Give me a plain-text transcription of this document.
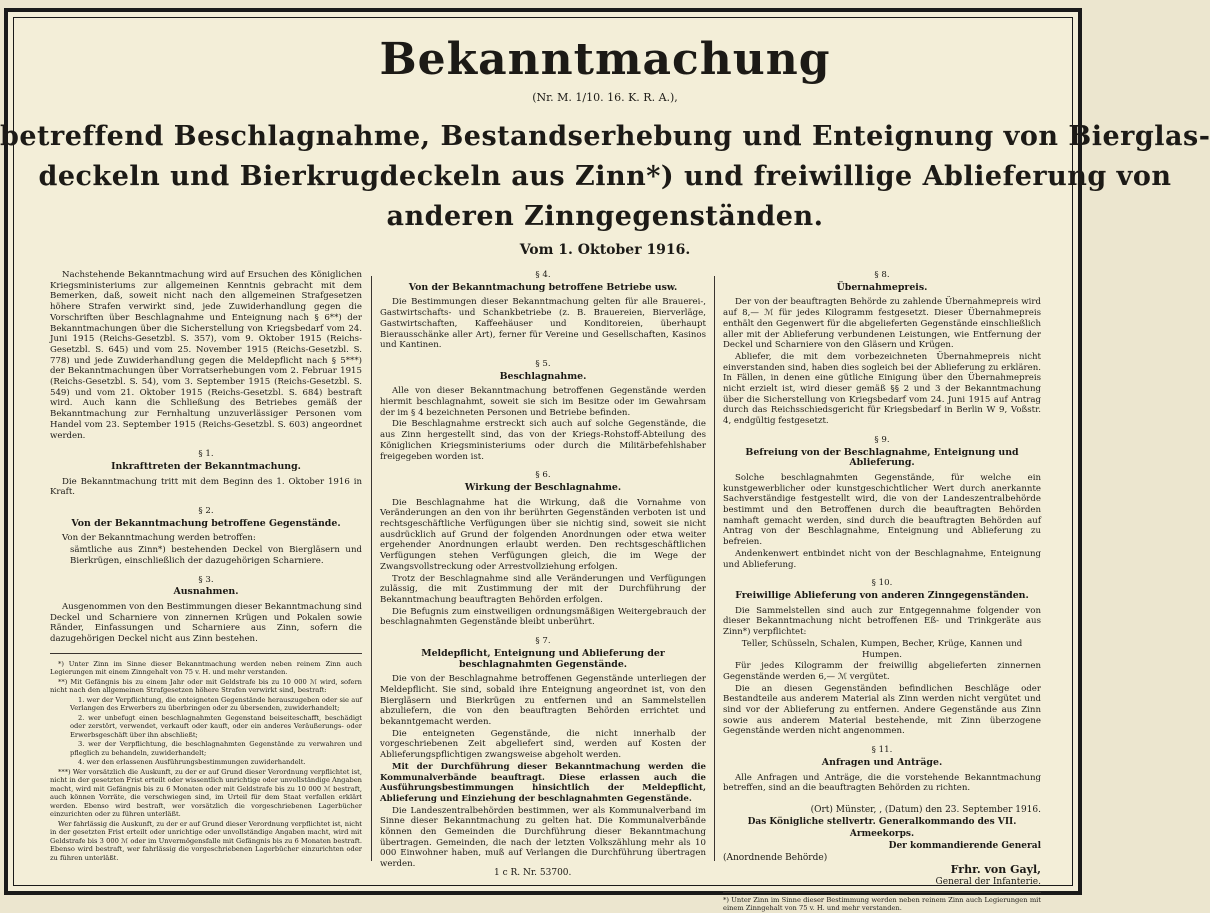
Bekanntmachung
(Nr. M. 1/10. 16. K. R. A.),
betreffend Beschlagnahme, Bestandserhebung und Enteignung von Bierglas-
deckeln und Bierkrugdeckeln aus Zinn*) und freiwillige Ablieferung von
anderen Zinngegenständen.
Vom 1. Oktober 1916.

Nachstehende Bekanntmachung wird auf Ersuchen des Königlichen Kriegsministeriums zur allgemeinen Kenntnis gebracht mit dem Bemerken, daß, soweit nicht nach den allgemeinen Strafgesetzen höhere Strafen verwirkt sind, jede Zuwiderhandlung gegen die Vorschriften über Beschlagnahme und Enteignung nach § 6**) der Bekanntmachungen über die Sicherstellung von Kriegsbedarf vom 24. Juni 1915 (Reichs-Gesetzbl. S. 357), vom 9. Oktober 1915 (Reichs-Gesetzbl. S. 645) und vom 25. November 1915 (Reichs-Gesetzbl. S. 778) und jede Zuwiderhandlung gegen die Meldepflicht nach § 5***) der Bekanntmachungen über Vorratserhebungen vom 2. Februar 1915 (Reichs-Gesetzbl. S. 54), vom 3. September 1915 (Reichs-Gesetzbl. S. 549) und vom 21. Oktober 1915 (Reichs-Gesetzbl. S. 684) bestraft wird. Auch kann die Schließung des Betriebes gemäß der Bekanntmachung zur Fernhaltung unzuverlässiger Personen vom Handel vom 23. September 1915 (Reichs-Gesetzbl. S. 603) angeordnet werden.

§ 1.
Inkrafttreten der Bekanntmachung.

Die Bekanntmachung tritt mit dem Beginn des 1. Oktober 1916 in Kraft.

§ 2.
Von der Bekanntmachung betroffene Gegenstände.

Von der Bekanntmachung werden betroffen:

sämtliche aus Zinn*) bestehenden Deckel von Biergläsern und Bierkrügen, einschließlich der dazugehörigen Scharniere.

§ 3.
Ausnahmen.

Ausgenommen von den Bestimmungen dieser Bekanntmachung sind Deckel und Scharniere von zinnernen Krügen und Pokalen sowie Ränder, Einfassungen und Scharniere aus Zinn, sofern die dazugehörigen Deckel nicht aus Zinn bestehen.

*) Unter Zinn im Sinne dieser Bekanntmachung werden neben reinem Zinn auch Legierungen mit einem Zinngehalt von 75 v. H. und mehr verstanden.

**) Mit Gefängnis bis zu einem Jahr oder mit Geldstrafe bis zu 10 000 ℳ wird, sofern nicht nach den allgemeinen Strafgesetzen höhere Strafen verwirkt sind, bestraft:

1. wer der Verpflichtung, die enteigneten Gegenstände herauszugeben oder sie auf Verlangen des Erwerbers zu überbringen oder zu übersenden, zuwiderhandelt;

2. wer unbefugt einen beschlagnahmten Gegenstand beiseiteschafft, beschädigt oder zerstört, verwendet, verkauft oder kauft, oder ein anderes Veräußerungs- oder Erwerbsgeschäft über ihn abschließt;

3. wer der Verpflichtung, die beschlagnahmten Gegenstände zu verwahren und pfleglich zu behandeln, zuwiderhandelt;

4. wer den erlassenen Ausführungsbestimmungen zuwiderhandelt.

***) Wer vorsätzlich die Auskunft, zu der er auf Grund dieser Verordnung verpflichtet ist, nicht in der gesetzten Frist erteilt oder wissentlich unrichtige oder unvollständige Angaben macht, wird mit Gefängnis bis zu 6 Monaten oder mit Geldstrafe bis zu 10 000 ℳ bestraft, auch können Vorräte, die verschwiegen sind, im Urteil für dem Staat verfallen erklärt werden. Ebenso wird bestraft, wer vorsätzlich die vorgeschriebenen Lagerbücher einzurichten oder zu führen unterläßt.

Wer fahrlässig die Auskunft, zu der er auf Grund dieser Verordnung verpflichtet ist, nicht in der gesetzten Frist erteilt oder unrichtige oder unvollständige Angaben macht, wird mit Geldstrafe bis 3 000 ℳ oder im Unvermögensfalle mit Gefängnis bis zu 6 Monaten bestraft. Ebenso wird bestraft, wer fahrlässig die vorgeschriebenen Lagerbücher einzurichten oder zu führen unterläßt.

§ 4.
Von der Bekanntmachung betroffene Betriebe usw.

Die Bestimmungen dieser Bekanntmachung gelten für alle Brauerei-, Gastwirtschafts- und Schankbetriebe (z. B. Brauereien, Bierverläge, Gastwirtschaften, Kaffeehäuser und Konditoreien, überhaupt Bierausschänke aller Art), ferner für Vereine und Gesellschaften, Kasinos und Kantinen.

§ 5.
Beschlagnahme.

Alle von dieser Bekanntmachung betroffenen Gegenstände werden hiermit beschlagnahmt, soweit sie sich im Besitze oder im Gewahrsam der im § 4 bezeichneten Personen und Betriebe befinden.

Die Beschlagnahme erstreckt sich auch auf solche Gegenstände, die aus Zinn hergestellt sind, das von der Kriegs-Rohstoff-Abteilung des Königlichen Kriegsministeriums oder durch die Militärbefehlshaber freigegeben worden ist.

§ 6.
Wirkung der Beschlagnahme.

Die Beschlagnahme hat die Wirkung, daß die Vornahme von Veränderungen an den von ihr berührten Gegenständen verboten ist und rechtsgeschäftliche Verfügungen über sie nichtig sind, soweit sie nicht ausdrücklich auf Grund der folgenden Anordnungen oder etwa weiter ergehender Anordnungen erlaubt werden. Den rechtsgeschäftlichen Verfügungen stehen Verfügungen gleich, die im Wege der Zwangsvollstreckung oder Arrestvollziehung erfolgen.

Trotz der Beschlagnahme sind alle Veränderungen und Verfügungen zulässig, die mit Zustimmung der mit der Durchführung der Bekanntmachung beauftragten Behörden erfolgen.

Die Befugnis zum einstweiligen ordnungsmäßigen Weitergebrauch der beschlagnahmten Gegenstände bleibt unberührt.

§ 7.
Meldepflicht, Enteignung und Ablieferung der beschlagnahmten Gegenstände.

Die von der Beschlagnahme betroffenen Gegenstände unterliegen der Meldepflicht. Sie sind, sobald ihre Enteignung angeordnet ist, von den Biergläsern und Bierkrügen zu entfernen und an Sammelstellen abzuliefern, die von den beauftragten Behörden errichtet und bekanntgemacht werden.

Die enteigneten Gegenstände, die nicht innerhalb der vorgeschriebenen Zeit abgeliefert sind, werden auf Kosten der Ablieferungspflichtigen zwangsweise abgeholt werden.

Mit der Durchführung dieser Bekanntmachung werden die Kommunalverbände beauftragt. Diese erlassen auch die Ausführungsbestimmungen hinsichtlich der Meldepflicht, Ablieferung und Einziehung der beschlagnahmten Gegenstände.

Die Landeszentralbehörden bestimmen, wer als Kommunalverband im Sinne dieser Bekanntmachung zu gelten hat. Die Kommunalverbände können den Gemeinden die Durchführung dieser Bekanntmachung übertragen. Gemeinden, die nach der letzten Volkszählung mehr als 10 000 Einwohner haben, muß auf Verlangen die Durchführung übertragen werden.

§ 8.
Übernahmepreis.

Der von der beauftragten Behörde zu zahlende Übernahmepreis wird auf 8,— ℳ für jedes Kilogramm festgesetzt. Dieser Übernahmepreis enthält den Gegenwert für die abgelieferten Gegenstände einschließlich aller mit der Ablieferung verbundenen Leistungen, wie Entfernung der Deckel und Scharniere von den Gläsern und Krügen.

Abliefer, die mit dem vorbezeichneten Übernahmepreis nicht einverstanden sind, haben dies sogleich bei der Ablieferung zu erklären. In Fällen, in denen eine gütliche Einigung über den Übernahmepreis nicht erzielt ist, wird dieser gemäß §§ 2 und 3 der Bekanntmachung über die Sicherstellung von Kriegsbedarf vom 24. Juni 1915 auf Antrag durch das Reichsschiedsgericht für Kriegsbedarf in Berlin W 9, Voßstr. 4, endgültig festgesetzt.

§ 9.
Befreiung von der Beschlagnahme, Enteignung und Ablieferung.

Solche beschlagnahmten Gegenstände, für welche ein kunstgewerblicher oder kunstgeschichtlicher Wert durch anerkannte Sachverständige festgestellt wird, die von der Landeszentralbehörde bestimmt und den Betroffenen durch die beauftragten Behörden namhaft gemacht werden, sind durch die beauftragten Behörden auf Antrag von der Beschlagnahme, Enteignung und Ablieferung zu befreien.

Andenkenwert entbindet nicht von der Beschlagnahme, Enteignung und Ablieferung.

§ 10.
Freiwillige Ablieferung von anderen Zinngegenständen.

Die Sammelstellen sind auch zur Entgegennahme folgender von dieser Bekanntmachung nicht betroffenen Eß- und Trinkgeräte aus Zinn*) verpflichtet:

Teller, Schüsseln, Schalen, Kumpen, Becher, Krüge, Kannen und Humpen.

Für jedes Kilogramm der freiwillig abgelieferten zinnernen Gegenstände werden 6,— ℳ vergütet.

Die an diesen Gegenständen befindlichen Beschläge oder Bestandteile aus anderem Material als Zinn werden nicht vergütet und sind vor der Ablieferung zu entfernen. Andere Gegenstände aus Zinn sowie aus anderem Material bestehende, mit Zinn überzogene Gegenstände werden nicht angenommen.

§ 11.
Anfragen und Anträge.

Alle Anfragen und Anträge, die die vorstehende Bekanntmachung betreffen, sind an die beauftragten Behörden zu richten.

(Ort) Münster, , (Datum) den 23. September 1916.
Das Königliche stellvertr. Generalkommando des VII. Armeekorps.
Der kommandierende General
(Anordnende Behörde)
Frhr. von Gayl,
General der Infanterie.
*) Unter Zinn im Sinne dieser Bestimmung werden neben reinem Zinn auch Legierungen mit einem Zinngehalt von 75 v. H. und mehr verstanden.
1 c R. Nr. 53700.
